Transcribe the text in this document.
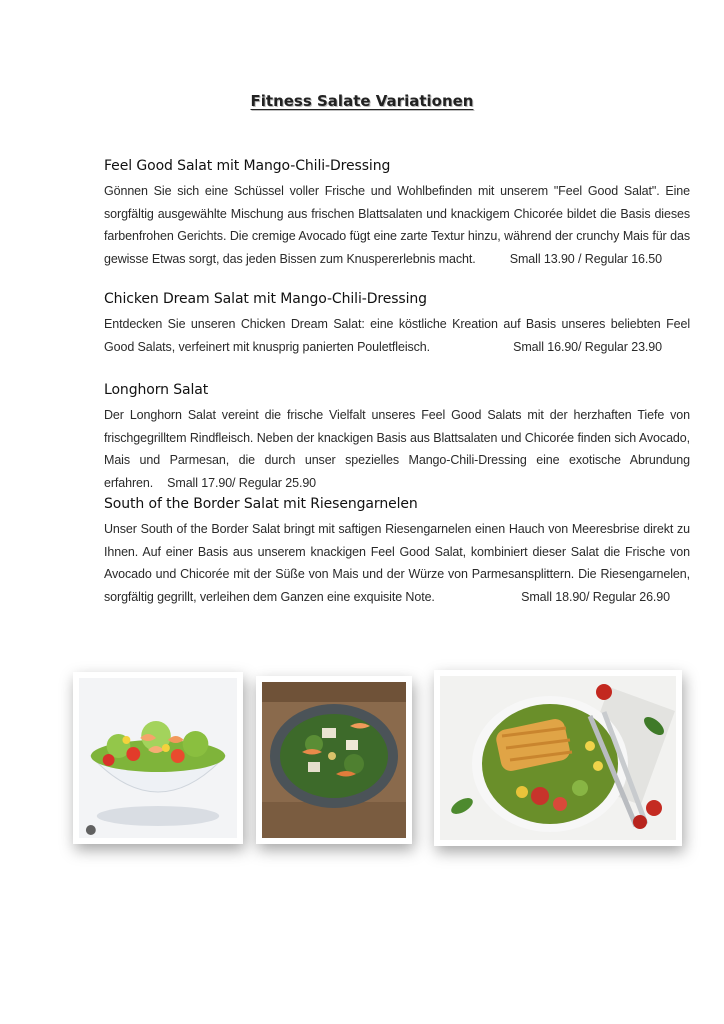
Fitness Salate Variationen
Feel Good Salat mit Mango-Chili-Dressing

Gönnen Sie sich eine Schüssel voller Frische und Wohlbefinden mit unserem "Feel Good Salat". Eine sorgfältig ausgewählte Mischung aus frischen Blattsalaten und knackigem Chicorée bildet die Basis dieses farbenfrohen Gerichts. Die cremige Avocado fügt eine zarte Textur hinzu, während der crunchy Mais für das gewisse Etwas sorgt, das jeden Bissen zum Knuspererlebnis macht.	Small 13.90 / Regular 16.50

Chicken Dream Salat mit Mango-Chili-Dressing

Entdecken Sie unseren Chicken Dream Salat: eine köstliche Kreation auf Basis unseres beliebten Feel Good Salats, verfeinert mit knusprig panierten Pouletfleisch.	Small 16.90/ Regular 23.90

Longhorn Salat

Der Longhorn Salat vereint die frische Vielfalt unseres Feel Good Salats mit der herzhaften Tiefe von frischgegrilltem Rindfleisch. Neben der knackigen Basis aus Blattsalaten und Chicorée finden sich Avocado, Mais und Parmesan, die durch unser spezielles Mango-Chili-Dressing eine exotische Abrundung erfahren. Small 17.90/ Regular 25.90

South of the Border Salat mit Riesengarnelen

Unser South of the Border Salat bringt mit saftigen Riesengarnelen einen Hauch von Meeresbrise direkt zu Ihnen. Auf einer Basis aus unserem knackigen Feel Good Salat, kombiniert dieser Salat die Frische von Avocado und Chicorée mit der Süße von Mais und der Würze von Parmesansplittern. Die Riesengarnelen, sorgfältig gegrillt, verleihen dem Ganzen eine exquisite Note.	Small 18.90/ Regular 26.90
